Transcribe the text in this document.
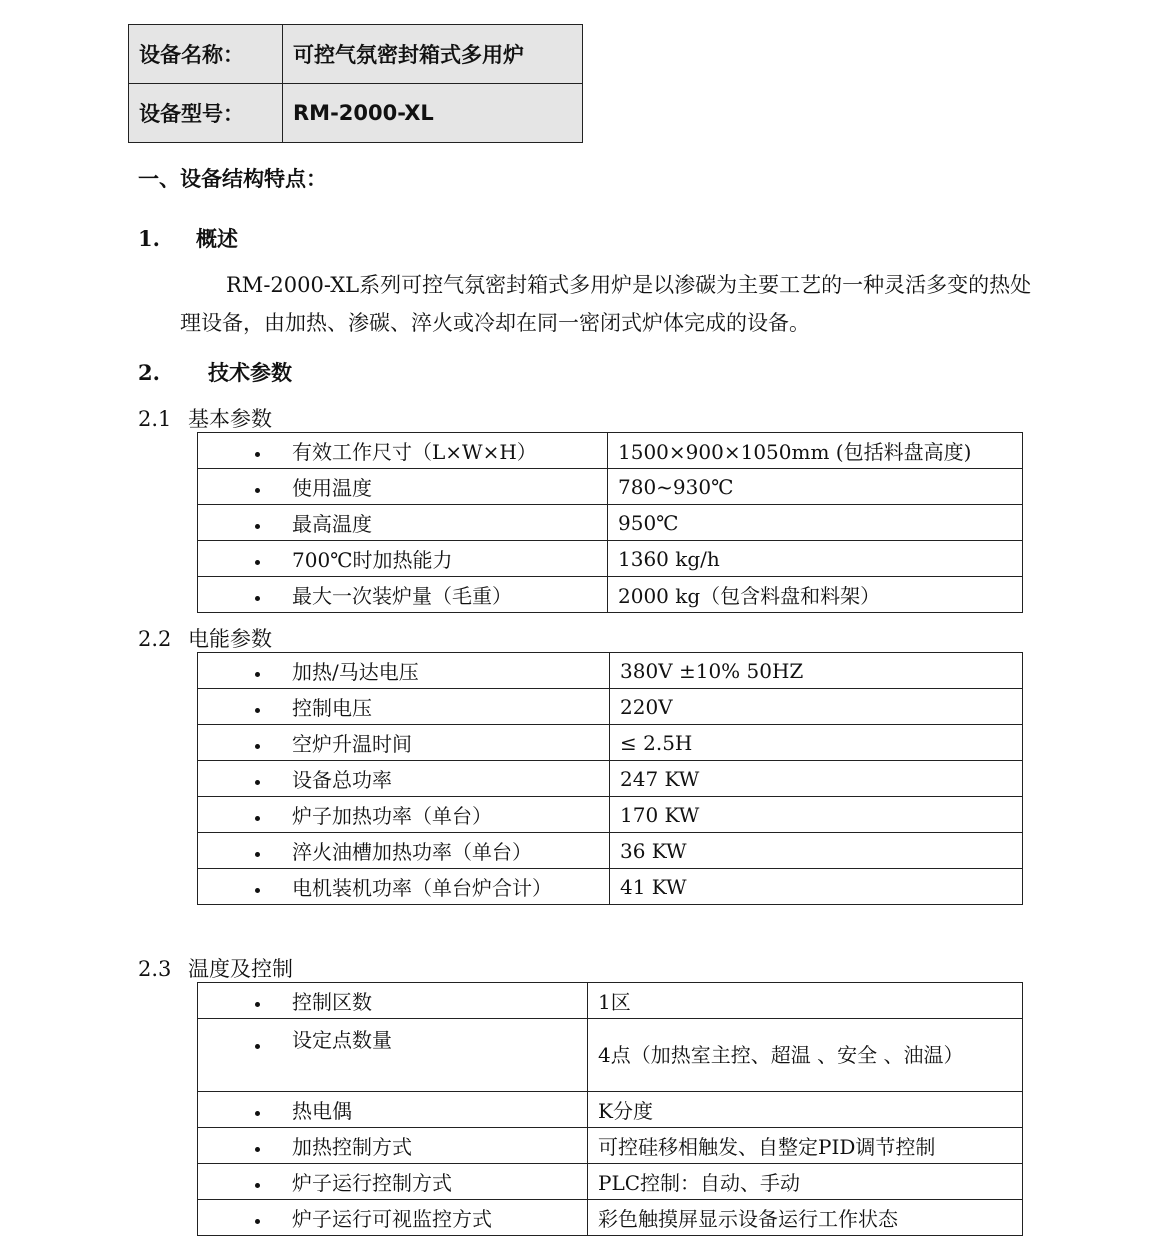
设备名称：	可控气氛密封箱式多用炉
设备型号：	RM-2000-XL
一、设备结构特点：
1. 概述
RM-2000-XL系列可控气氛密封箱式多用炉是以渗碳为主要工艺的一种灵活多变的热处理设备，由加热、渗碳、淬火或冷却在同一密闭式炉体完成的设备。
2. 技术参数
2.1 基本参数
有效工作尺寸（L×W×H）	1500×900×1050mm (包括料盘高度)
使用温度	780~930℃
最高温度	950℃
700℃时加热能力	1360 kg/h
最大一次装炉量（毛重）	2000 kg（包含料盘和料架）
2.2 电能参数
加热/马达电压	380V ±10% 50HZ
控制电压	220V
空炉升温时间	≤ 2.5H
设备总功率	247 KW
炉子加热功率（单台）	170 KW
淬火油槽加热功率（单台）	36 KW
电机装机功率（单台炉合计）	41 KW
2.3 温度及控制
控制区数	1区
设定点数量	4点（加热室主控、超温 、安全 、油温）
热电偶	K分度
加热控制方式	可控硅移相触发、自整定PID调节控制
炉子运行控制方式	PLC控制：自动、手动
炉子运行可视监控方式	彩色触摸屏显示设备运行工作状态
